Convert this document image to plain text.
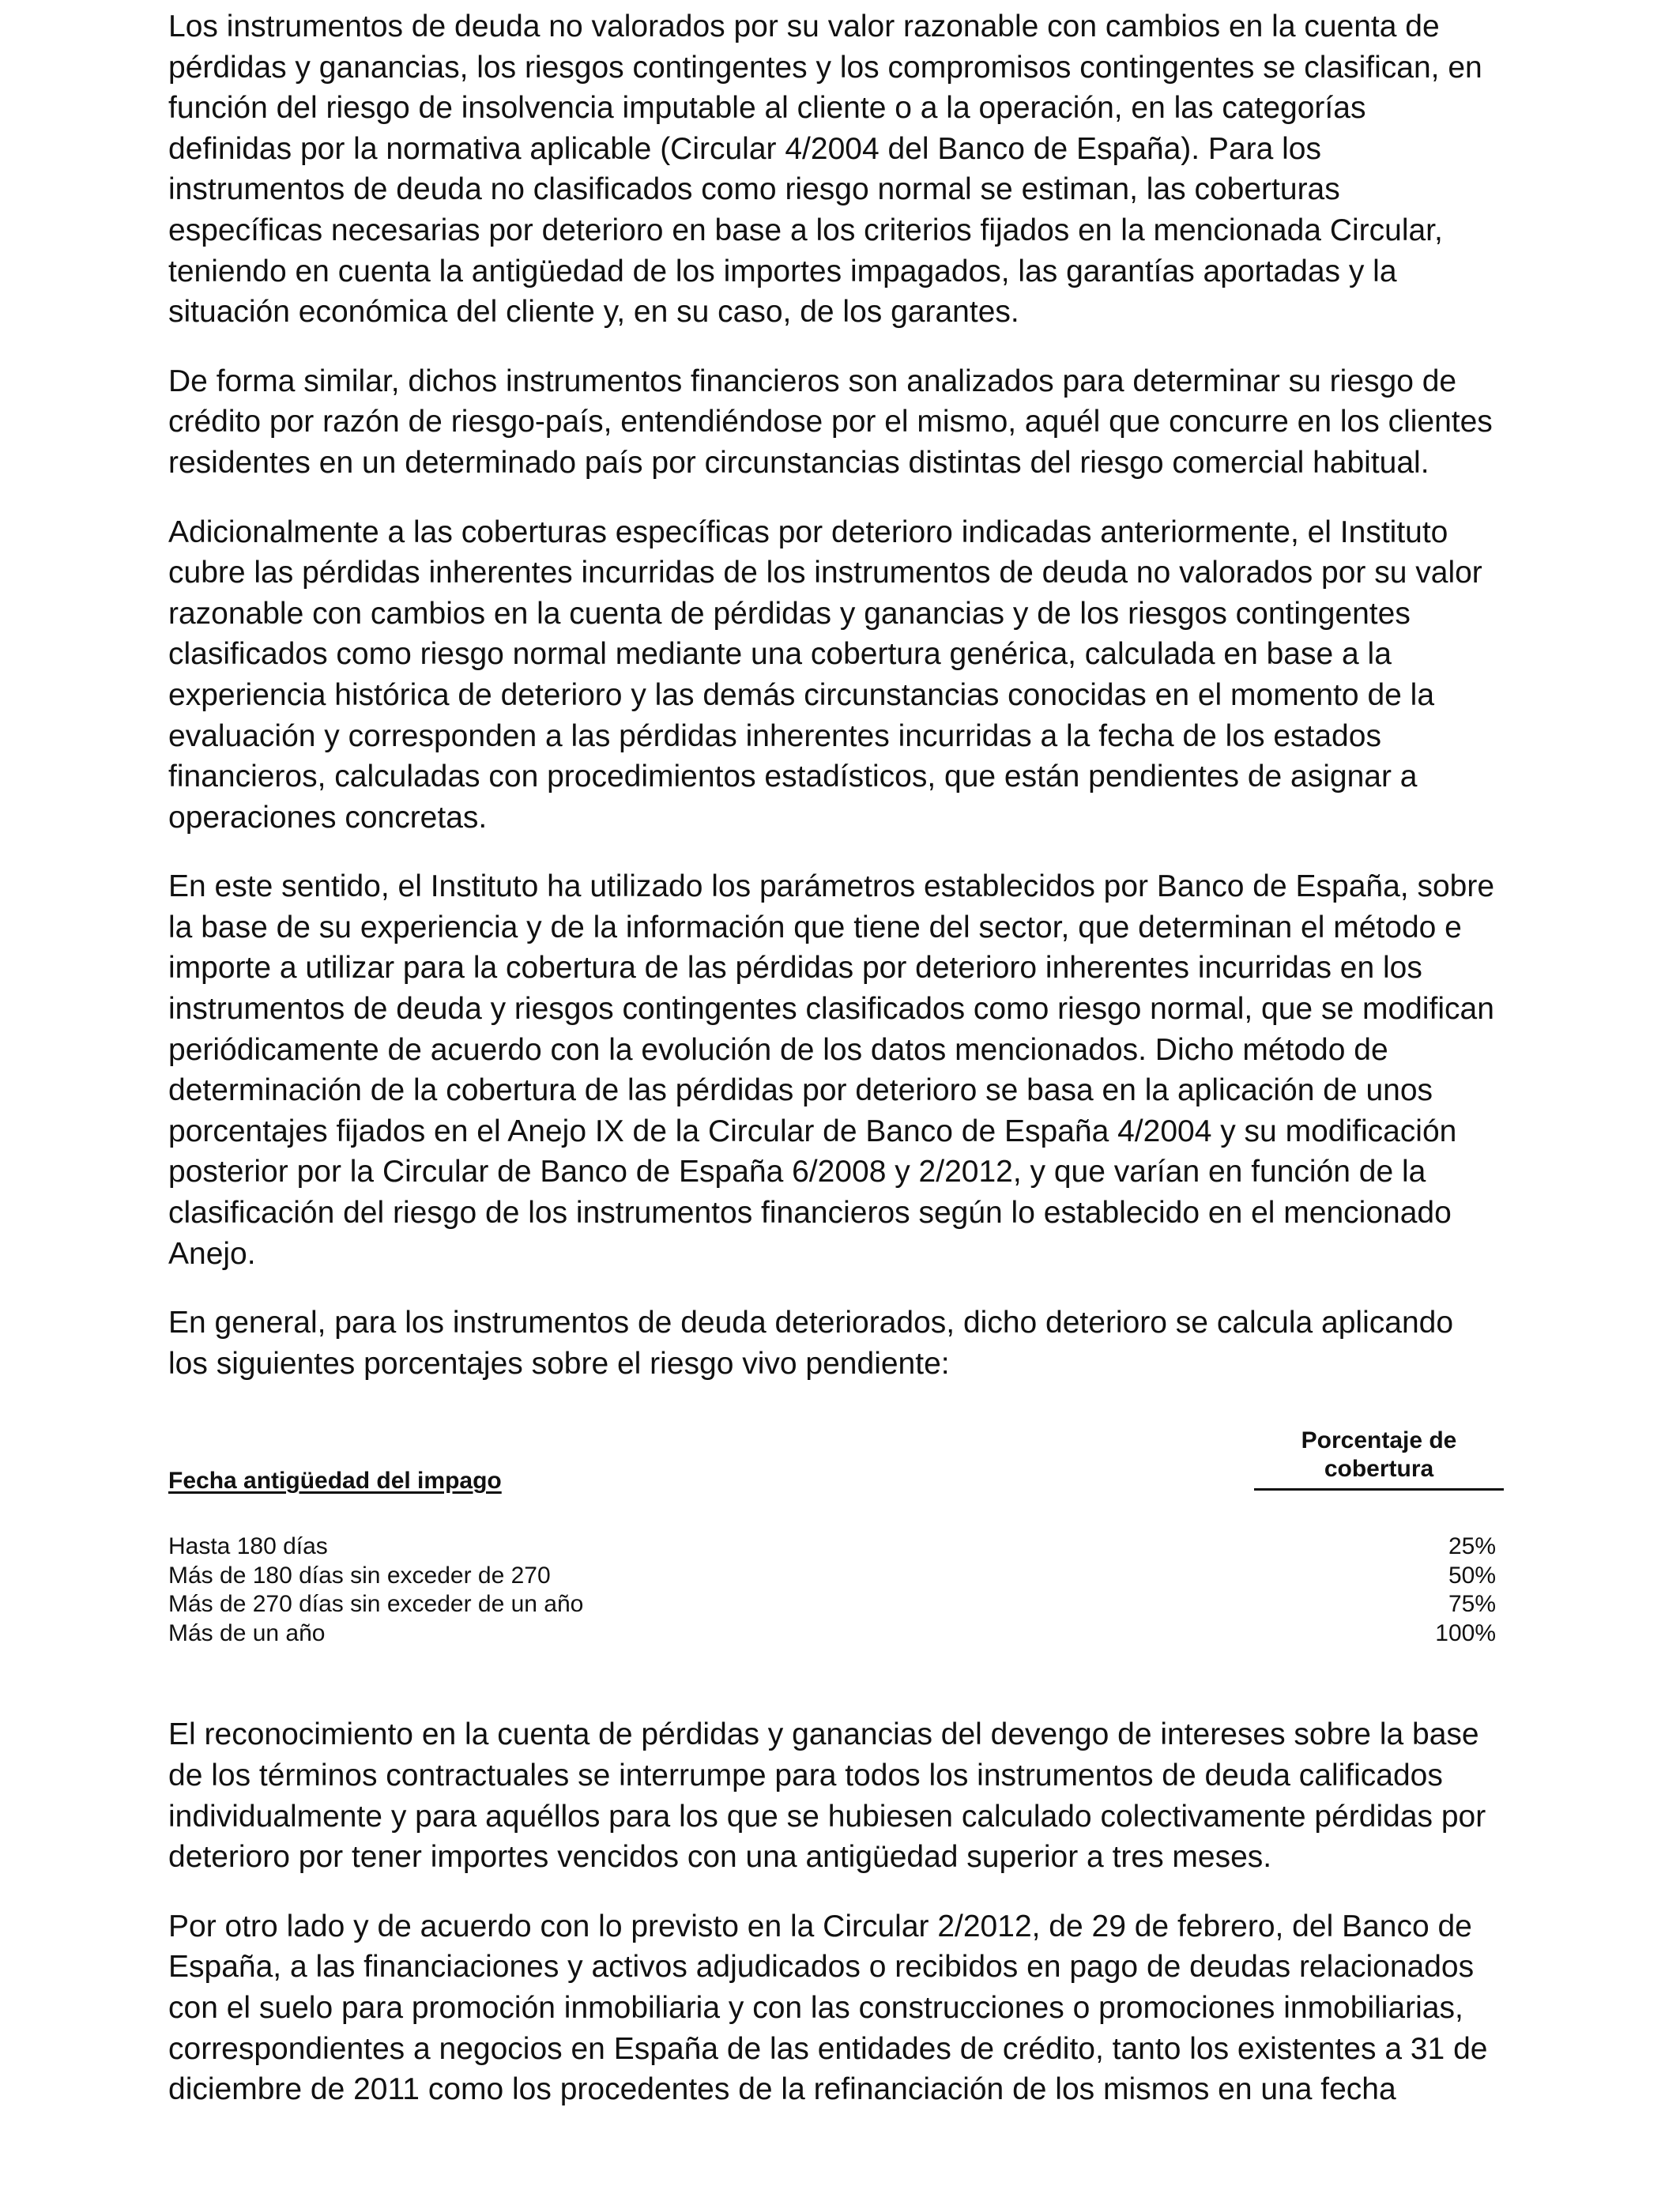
Los instrumentos de deuda no valorados por su valor razonable con cambios en la cuenta de pérdidas y ganancias, los riesgos contingentes y los compromisos contingentes se clasifican, en función del riesgo de insolvencia imputable al cliente o a la operación, en las categorías definidas por la normativa aplicable (Circular 4/2004 del Banco de España). Para los instrumentos de deuda no clasificados como riesgo normal se estiman, las coberturas específicas necesarias por deterioro en base a los criterios fijados en la mencionada Circular, teniendo en cuenta la antigüedad de los importes impagados, las garantías aportadas y la situación económica del cliente y, en su caso, de los garantes.

De forma similar, dichos instrumentos financieros son analizados para determinar su riesgo de crédito por razón de riesgo-país, entendiéndose por el mismo, aquél que concurre en los clientes residentes en un determinado país por circunstancias distintas del riesgo comercial habitual.

Adicionalmente a las coberturas específicas por deterioro indicadas anteriormente, el Instituto cubre las pérdidas inherentes incurridas de los instrumentos de deuda no valorados por su valor razonable con cambios en la cuenta de pérdidas y ganancias y de los riesgos contingentes clasificados como riesgo normal mediante una cobertura genérica, calculada en base a la experiencia histórica de deterioro y las demás circunstancias conocidas en el momento de la evaluación y corresponden a las pérdidas inherentes incurridas a la fecha de los estados financieros, calculadas con procedimientos estadísticos, que están pendientes de asignar a operaciones concretas.

En este sentido, el Instituto ha utilizado los parámetros establecidos por Banco de España, sobre la base de su experiencia y de la información que tiene del sector, que determinan el método e importe a utilizar para la cobertura de las pérdidas por deterioro inherentes incurridas en los instrumentos de deuda y riesgos contingentes clasificados como riesgo normal, que se modifican periódicamente de acuerdo con la evolución de los datos mencionados. Dicho método de determinación de la cobertura de las pérdidas por deterioro se basa en la aplicación de unos porcentajes fijados en el Anejo IX de la Circular de Banco de España 4/2004 y su modificación posterior por la Circular de Banco de España 6/2008 y 2/2012, y que varían en función de la clasificación del riesgo de los instrumentos financieros según lo establecido en el mencionado Anejo.

En general, para los instrumentos de deuda deteriorados, dicho deterioro se calcula aplicando los siguientes porcentajes sobre el riesgo vivo pendiente:

Fecha antigüedad del impago
Porcentaje de
cobertura
Hasta 180 días	25%
Más de 180 días sin exceder de 270	50%
Más de 270 días sin exceder de un año	75%
Más de un año	100%

El reconocimiento en la cuenta de pérdidas y ganancias del devengo de intereses sobre la base de los términos contractuales se interrumpe para todos los instrumentos de deuda calificados individualmente y para aquéllos para los que se hubiesen calculado colectivamente pérdidas por deterioro por tener importes vencidos con una antigüedad superior a tres meses.

Por otro lado y de acuerdo con lo previsto en la Circular 2/2012, de 29 de febrero, del Banco de España, a las financiaciones y activos adjudicados o recibidos en pago de deudas relacionados con el suelo para promoción inmobiliaria y con las construcciones o promociones inmobiliarias, correspondientes a negocios en España de las entidades de crédito, tanto los existentes a 31 de diciembre de 2011 como los procedentes de la refinanciación de los mismos en una fecha
